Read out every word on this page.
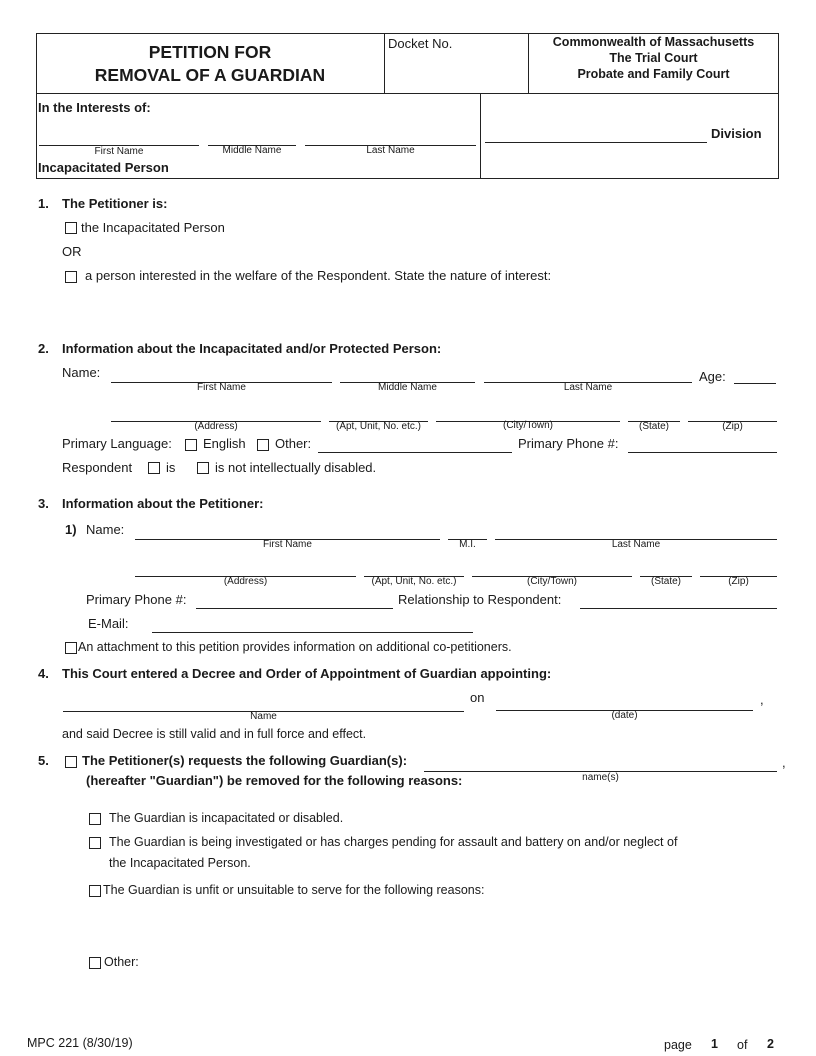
PETITION FOR
REMOVAL OF A GUARDIAN
Docket No.	Commonwealth of Massachusetts
The Trial Court
Probate and Family Court
In the Interests of:
First Name	Middle Name	Last Name
Incapacitated Person
Division
1. The Petitioner is:
the Incapacitated Person
OR
a person interested in the welfare of the Respondent. State the nature of interest:
2. Information about the Incapacitated and/or Protected Person:
Name:
First Name	Middle Name	Last Name
Age:
(Address)	(Apt, Unit, No. etc.)	(City/Town)	(State)	(Zip)
Primary Language: English Other:	Primary Phone #:
Respondent	is	is not intellectually disabled.
3. Information about the Petitioner:
1) Name:
First Name	M.I.	Last Name
(Address)	(Apt, Unit, No. etc.)	(City/Town)	(State)	(Zip)
Primary Phone #:	Relationship to Respondent:
E-Mail:
An attachment to this petition provides information on additional co-petitioners.
4. This Court entered a Decree and Order of Appointment of Guardian appointing:
on	,
Name	(date)
and said Decree is still valid and in full force and effect.
5.	The Petitioner(s) requests the following Guardian(s):	,
name(s)
(hereafter "Guardian") be removed for the following reasons:
The Guardian is incapacitated or disabled.
The Guardian is being investigated or has charges pending for assault and battery on and/or neglect of
the Incapacitated Person.
The Guardian is unfit or unsuitable to serve for the following reasons:
Other:
MPC 221 (8/30/19)	page 1 of 2
